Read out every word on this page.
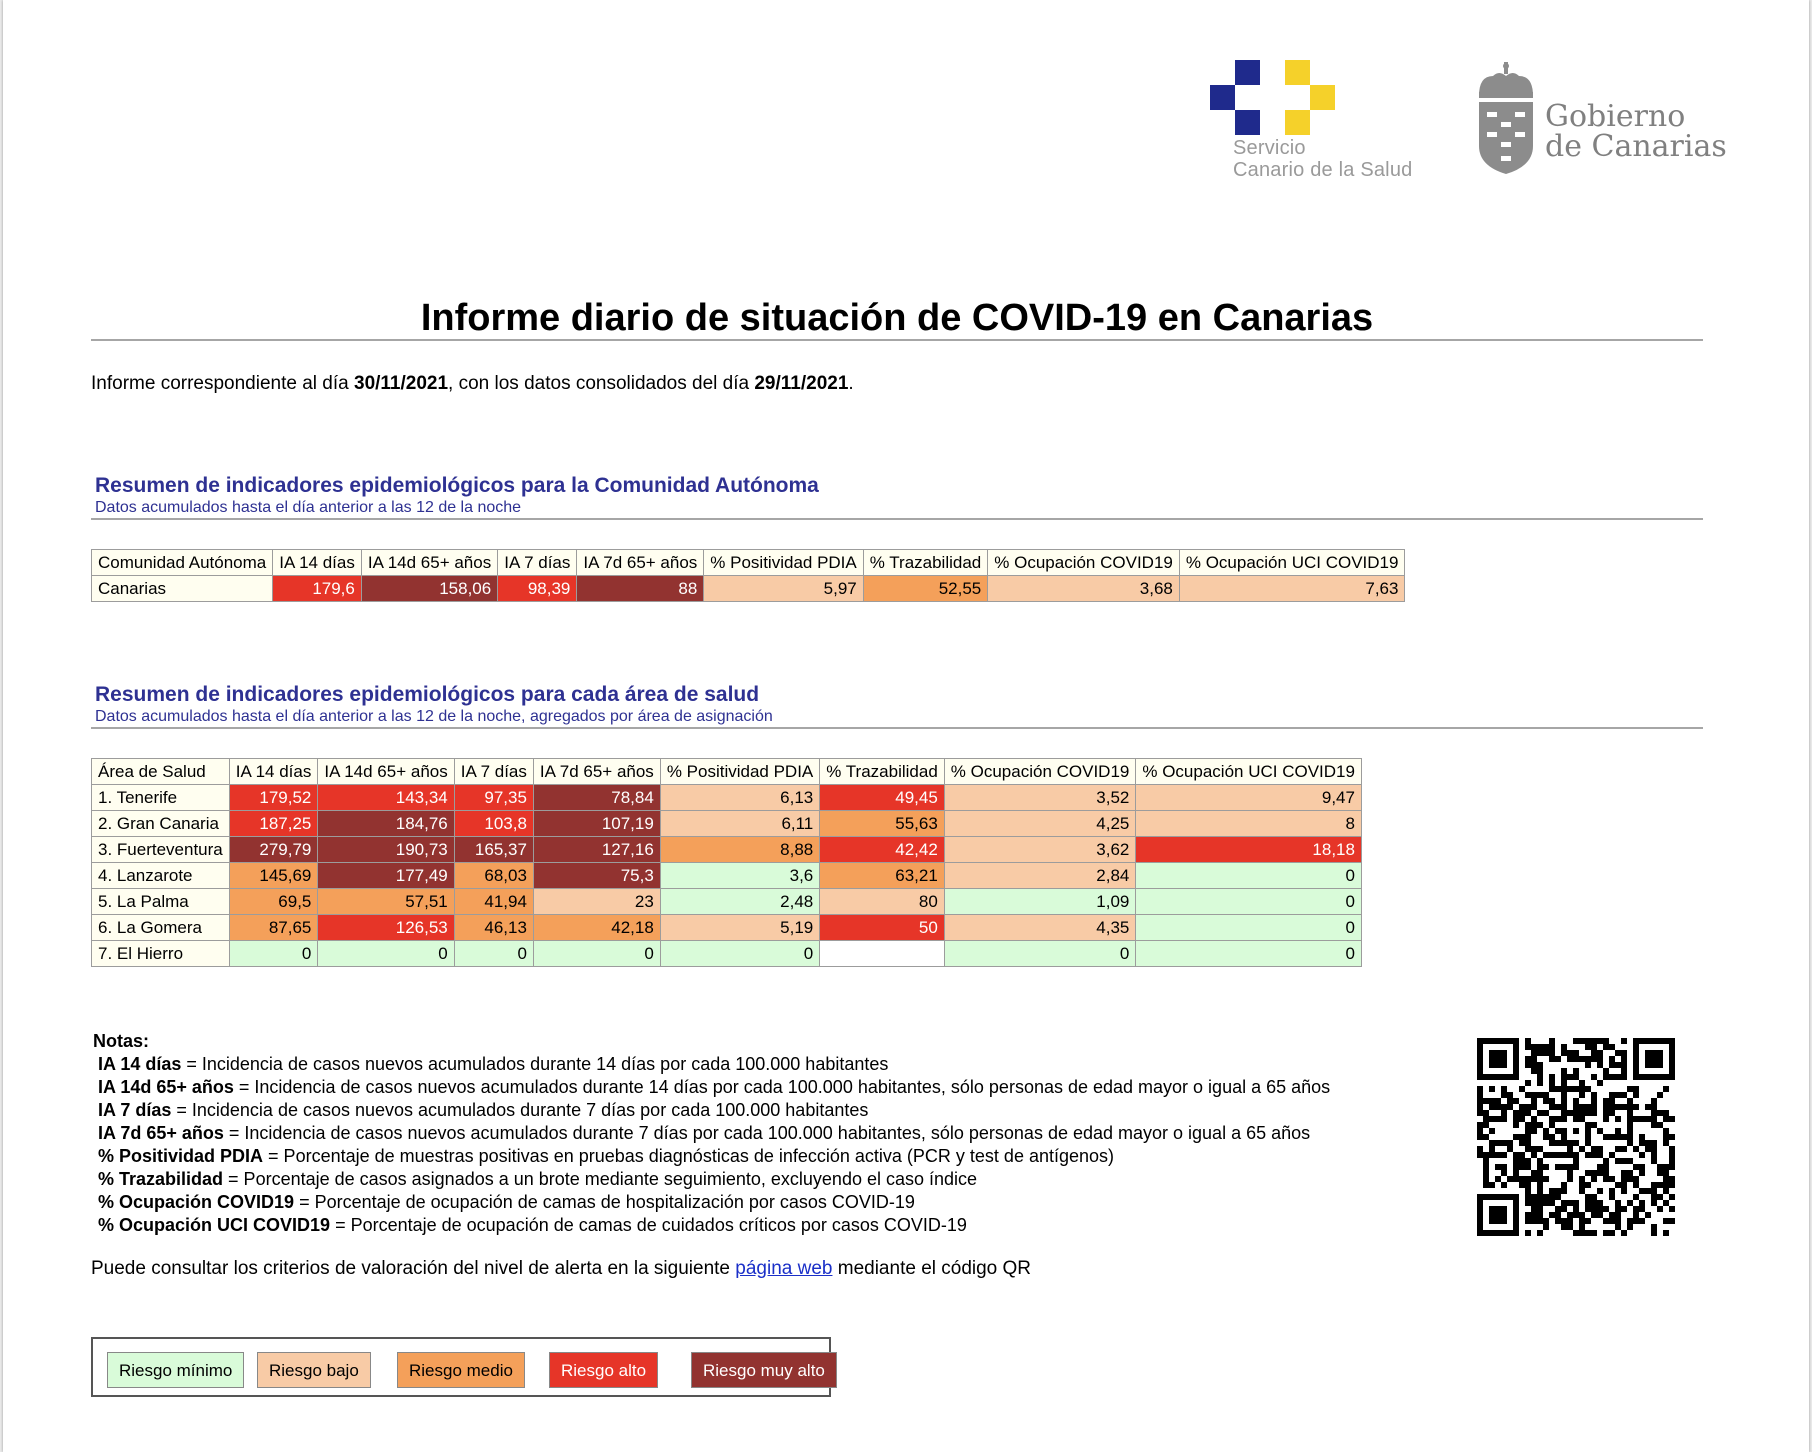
Servicio
Canario de la Salud
Gobierno
de Canarias
Informe diario de situación de COVID-19 en Canarias
Informe correspondiente al día 30/11/2021, con los datos consolidados del día 29/11/2021.
Resumen de indicadores epidemiológicos para la Comunidad Autónoma
Datos acumulados hasta el día anterior a las 12 de la noche
Comunidad Autónoma	IA 14 días	IA 14d 65+ años	IA 7 días	IA 7d 65+ años	% Positividad PDIA	% Trazabilidad	% Ocupación COVID19	% Ocupación UCI COVID19
Canarias	179,6	158,06	98,39	88	5,97	52,55	3,68	7,63
Resumen de indicadores epidemiológicos para cada área de salud
Datos acumulados hasta el día anterior a las 12 de la noche, agregados por área de asignación
Área de Salud	IA 14 días	IA 14d 65+ años	IA 7 días	IA 7d 65+ años	% Positividad PDIA	% Trazabilidad	% Ocupación COVID19	% Ocupación UCI COVID19
1. Tenerife	179,52	143,34	97,35	78,84	6,13	49,45	3,52	9,47
2. Gran Canaria	187,25	184,76	103,8	107,19	6,11	55,63	4,25	8
3. Fuerteventura	279,79	190,73	165,37	127,16	8,88	42,42	3,62	18,18
4. Lanzarote	145,69	177,49	68,03	75,3	3,6	63,21	2,84	0
5. La Palma	69,5	57,51	41,94	23	2,48	80	1,09	0
6. La Gomera	87,65	126,53	46,13	42,18	5,19	50	4,35	0
7. El Hierro	0	0	0	0	0		0	0
Notas:
IA 14 días = Incidencia de casos nuevos acumulados durante 14 días por cada 100.000 habitantes
IA 14d 65+ años = Incidencia de casos nuevos acumulados durante 14 días por cada 100.000 habitantes, sólo personas de edad mayor o igual a 65 años
IA 7 días = Incidencia de casos nuevos acumulados durante 7 días por cada 100.000 habitantes
IA 7d 65+ años = Incidencia de casos nuevos acumulados durante 7 días por cada 100.000 habitantes, sólo personas de edad mayor o igual a 65 años
% Positividad PDIA = Porcentaje de muestras positivas en pruebas diagnósticas de infección activa (PCR y test de antígenos)
% Trazabilidad = Porcentaje de casos asignados a un brote mediante seguimiento, excluyendo el caso índice
% Ocupación COVID19 = Porcentaje de ocupación de camas de hospitalización por casos COVID-19
% Ocupación UCI COVID19 = Porcentaje de ocupación de camas de cuidados críticos por casos COVID-19
Puede consultar los criterios de valoración del nivel de alerta en la siguiente página web mediante el código QR
Riesgo mínimo	Riesgo bajo	Riesgo medio	Riesgo alto	Riesgo muy alto
